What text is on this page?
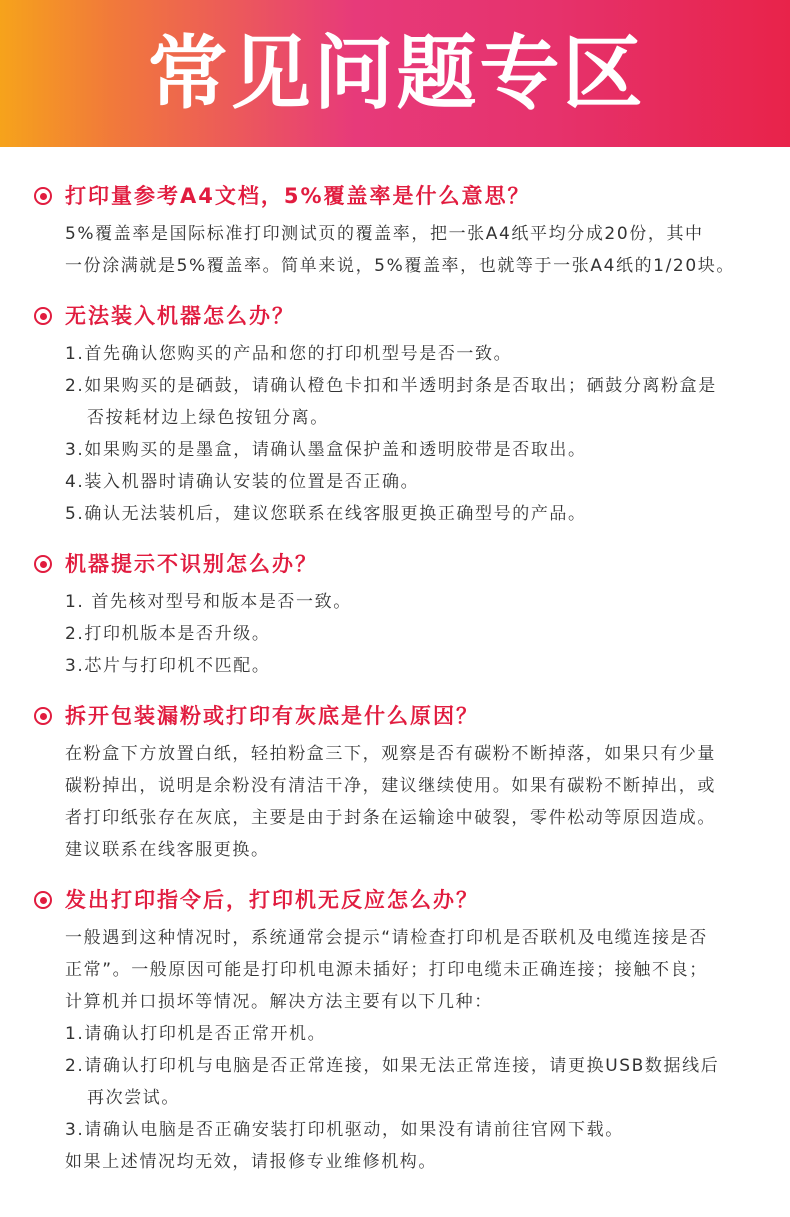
常见问题专区
打印量参考A4文档，5%覆盖率是什么意思？

5%覆盖率是国际标准打印测试页的覆盖率，把一张A4纸平均分成20份，其中

一份涂满就是5%覆盖率。简单来说，5%覆盖率，也就等于一张A4纸的1/20块。

无法装入机器怎么办？

1.首先确认您购买的产品和您的打印机型号是否一致。

2.如果购买的是硒鼓，请确认橙色卡扣和半透明封条是否取出；硒鼓分离粉盒是

否按耗材边上绿色按钮分离。

3.如果购买的是墨盒，请确认墨盒保护盖和透明胶带是否取出。

4.装入机器时请确认安装的位置是否正确。

5.确认无法装机后，建议您联系在线客服更换正确型号的产品。

机器提示不识别怎么办？

1. 首先核对型号和版本是否一致。

2.打印机版本是否升级。

3.芯片与打印机不匹配。

拆开包装漏粉或打印有灰底是什么原因？

在粉盒下方放置白纸，轻拍粉盒三下，观察是否有碳粉不断掉落，如果只有少量

碳粉掉出，说明是余粉没有清洁干净，建议继续使用。如果有碳粉不断掉出，或

者打印纸张存在灰底，主要是由于封条在运输途中破裂，零件松动等原因造成。

建议联系在线客服更换。

发出打印指令后，打印机无反应怎么办？

一般遇到这种情况时，系统通常会提示“请检查打印机是否联机及电缆连接是否

正常”。一般原因可能是打印机电源未插好；打印电缆未正确连接；接触不良；

计算机并口损坏等情况。解决方法主要有以下几种：

1.请确认打印机是否正常开机。

2.请确认打印机与电脑是否正常连接，如果无法正常连接，请更换USB数据线后

再次尝试。

3.请确认电脑是否正确安装打印机驱动，如果没有请前往官网下载。

如果上述情况均无效，请报修专业维修机构。
